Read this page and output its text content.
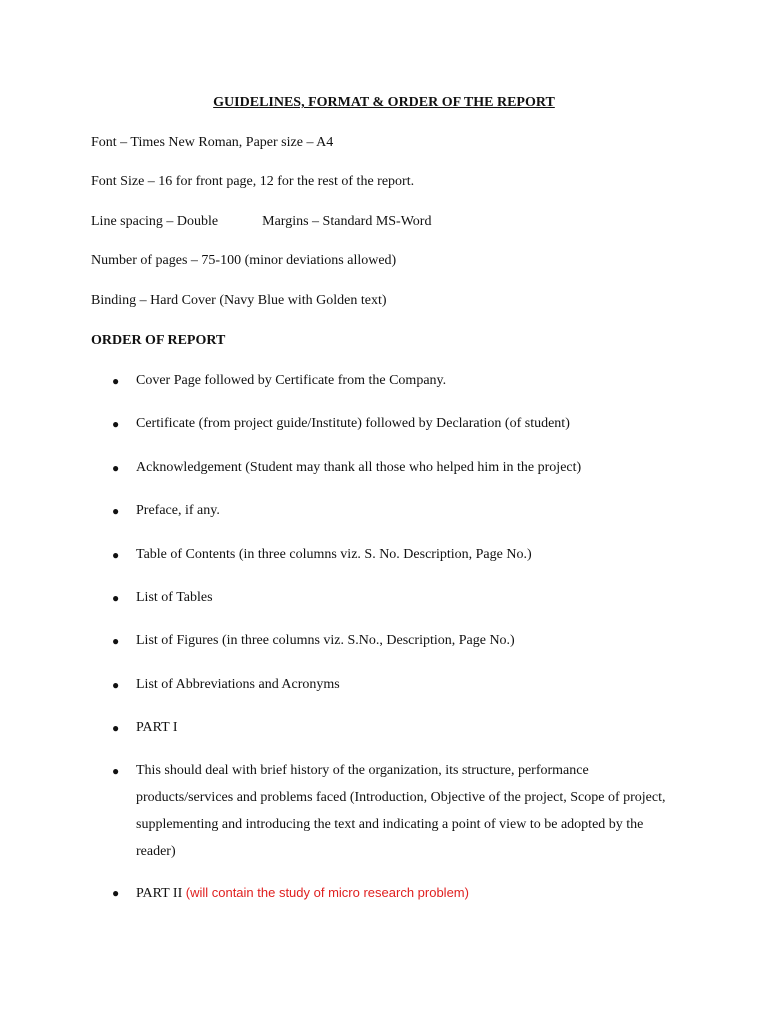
GUIDELINES, FORMAT & ORDER OF THE REPORT
Font – Times New Roman, Paper size – A4
Font Size – 16 for front page, 12 for the rest of the report.
Line spacing – Double	Margins – Standard MS-Word
Number of pages – 75-100 (minor deviations allowed)
Binding – Hard Cover (Navy Blue with Golden text)
ORDER OF REPORT
● Cover Page followed by Certificate from the Company.
● Certificate (from project guide/Institute) followed by Declaration (of student)
● Acknowledgement (Student may thank all those who helped him in the project)
● Preface, if any.
● Table of Contents (in three columns viz. S. No. Description, Page No.)
● List of Tables
● List of Figures (in three columns viz. S.No., Description, Page No.)
● List of Abbreviations and Acronyms
● PART I
● This should deal with brief history of the organization, its structure, performance products/services and problems faced (Introduction, Objective of the project, Scope of project, supplementing and introducing the text and indicating a point of view to be adopted by the reader)
● PART II (will contain the study of micro research problem)
